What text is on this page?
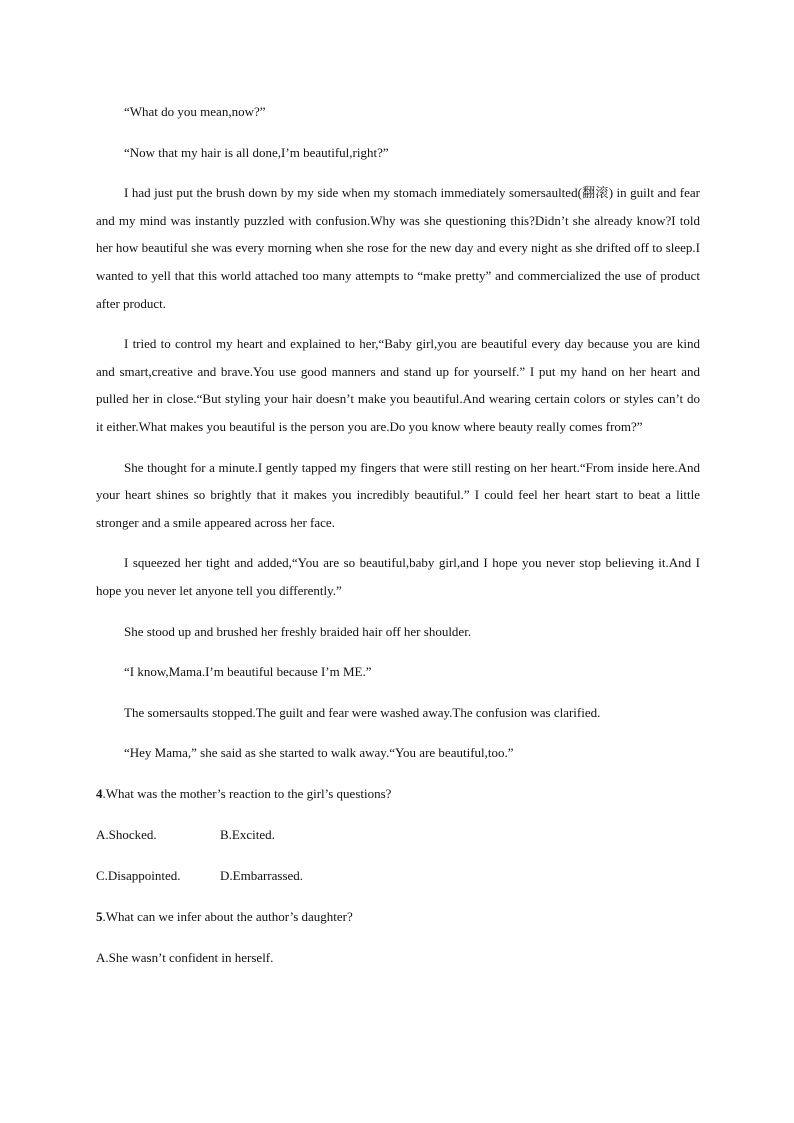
“What do you mean,now?”

“Now that my hair is all done,I’m beautiful,right?”

I had just put the brush down by my side when my stomach immediately somersaulted(翻滚) in guilt and fear and my mind was instantly puzzled with confusion.Why was she questioning this?Didn’t she already know?I told her how beautiful she was every morning when she rose for the new day and every night as she drifted off to sleep.I wanted to yell that this world attached too many attempts to “make pretty” and commercialized the use of product after product.

I tried to control my heart and explained to her,“Baby girl,you are beautiful every day because you are kind and smart,creative and brave.You use good manners and stand up for yourself.” I put my hand on her heart and pulled her in close.“But styling your hair doesn’t make you beautiful.And wearing certain colors or styles can’t do it either.What makes you beautiful is the person you are.Do you know where beauty really comes from?”

She thought for a minute.I gently tapped my fingers that were still resting on her heart.“From inside here.And your heart shines so brightly that it makes you incredibly beautiful.” I could feel her heart start to beat a little stronger and a smile appeared across her face.

I squeezed her tight and added,“You are so beautiful,baby girl,and I hope you never stop believing it.And I hope you never let anyone tell you differently.”

She stood up and brushed her freshly braided hair off her shoulder.

“I know,Mama.I’m beautiful because I’m ME.”

The somersaults stopped.The guilt and fear were washed away.The confusion was clarified.

“Hey Mama,” she said as she started to walk away.“You are beautiful,too.”

4.What was the mother’s reaction to the girl’s questions?

A.Shocked.	B.Excited.
C.Disappointed.	D.Embarrassed.

5.What can we infer about the author’s daughter?

A.She wasn’t confident in herself.
